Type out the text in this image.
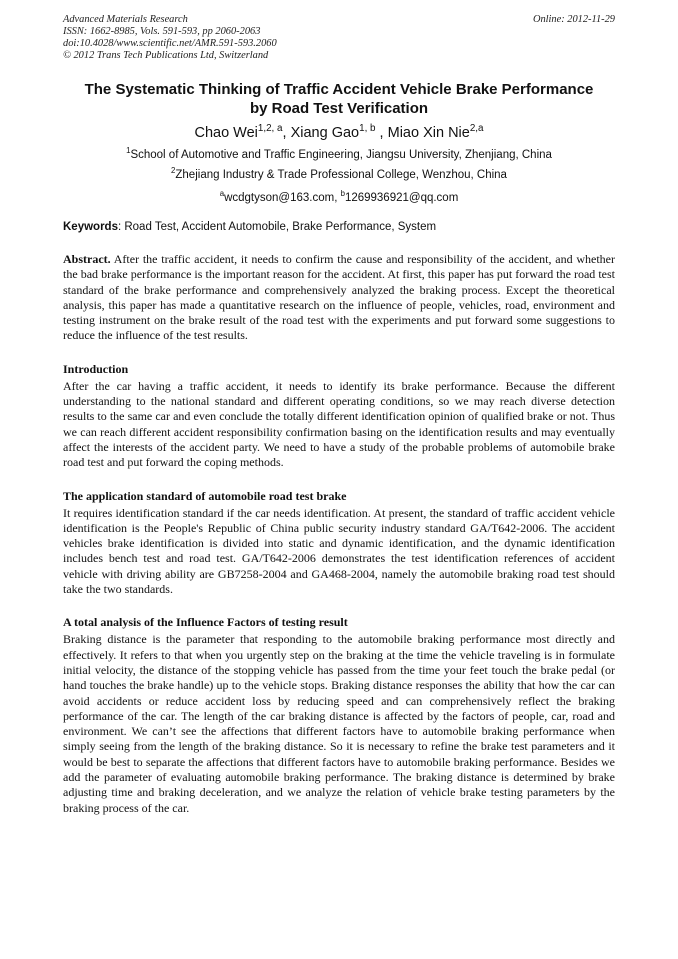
Advanced Materials Research
ISSN: 1662-8985, Vols. 591-593, pp 2060-2063
doi:10.4028/www.scientific.net/AMR.591-593.2060
© 2012 Trans Tech Publications Ltd, Switzerland
Online: 2012-11-29
The Systematic Thinking of Traffic Accident Vehicle Brake Performance
by Road Test Verification
Chao Wei$^{1,2, a}$, Xiang Gao$^{1, b}$ , Miao Xin Nie$^{2,a}$
$^1$School of Automotive and Traffic Engineering, Jiangsu University, Zhenjiang, China
$^2$Zhejiang Industry & Trade Professional College, Wenzhou, China
$^a$wcdgtyson@163.com, $^b$1269936921@qq.com
Keywords: Road Test, Accident Automobile, Brake Performance, System
Abstract. After the traffic accident, it needs to confirm the cause and responsibility of the accident, and whether the bad brake performance is the important reason for the accident. At first, this paper has put forward the road test standard of the brake performance and comprehensively analyzed the braking process. Except the theoretical analysis, this paper has made a quantitative research on the influence of people, vehicles, road, environment and testing instrument on the brake result of the road test with the experiments and put forward some suggestions to reduce the influence of the test results.
Introduction
After the car having a traffic accident, it needs to identify its brake performance. Because the different understanding to the national standard and different operating conditions, so we may reach diverse detection results to the same car and even conclude the totally different identification opinion of qualified brake or not. Thus we can reach different accident responsibility confirmation basing on the identification results and may eventually affect the interests of the accident party. We need to have a study of the probable problems of automobile brake road test and put forward the coping methods.
The application standard of automobile road test brake
It requires identification standard if the car needs identification. At present, the standard of traffic accident vehicle identification is the People's Republic of China public security industry standard GA/T642-2006. The accident vehicles brake identification is divided into static and dynamic identification, and the dynamic identification includes bench test and road test. GA/T642-2006 demonstrates the test identification references of accident vehicle with driving ability are GB7258-2004 and GA468-2004, namely the automobile braking road test should take the two standards.
A total analysis of the Influence Factors of testing result
Braking distance is the parameter that responding to the automobile braking performance most directly and effectively. It refers to that when you urgently step on the braking at the time the vehicle traveling is in formulate initial velocity, the distance of the stopping vehicle has passed from the time your feet touch the brake pedal (or hand touches the brake handle) up to the vehicle stops. Braking distance responses the ability that how the car can avoid accidents or reduce accident loss by reducing speed and can comprehensively reflect the braking performance of the car. The length of the car braking distance is affected by the factors of people, car, road and environment. We can’t see the affections that different factors have to automobile braking performance when simply seeing from the length of the braking distance. So it is necessary to refine the brake test parameters and it would be best to separate the affections that different factors have to automobile braking performance. Besides we add the parameter of evaluating automobile braking performance. The braking distance is determined by brake adjusting time and braking deceleration, and we analyze the relation of vehicle brake testing parameters by the braking process of the car.
